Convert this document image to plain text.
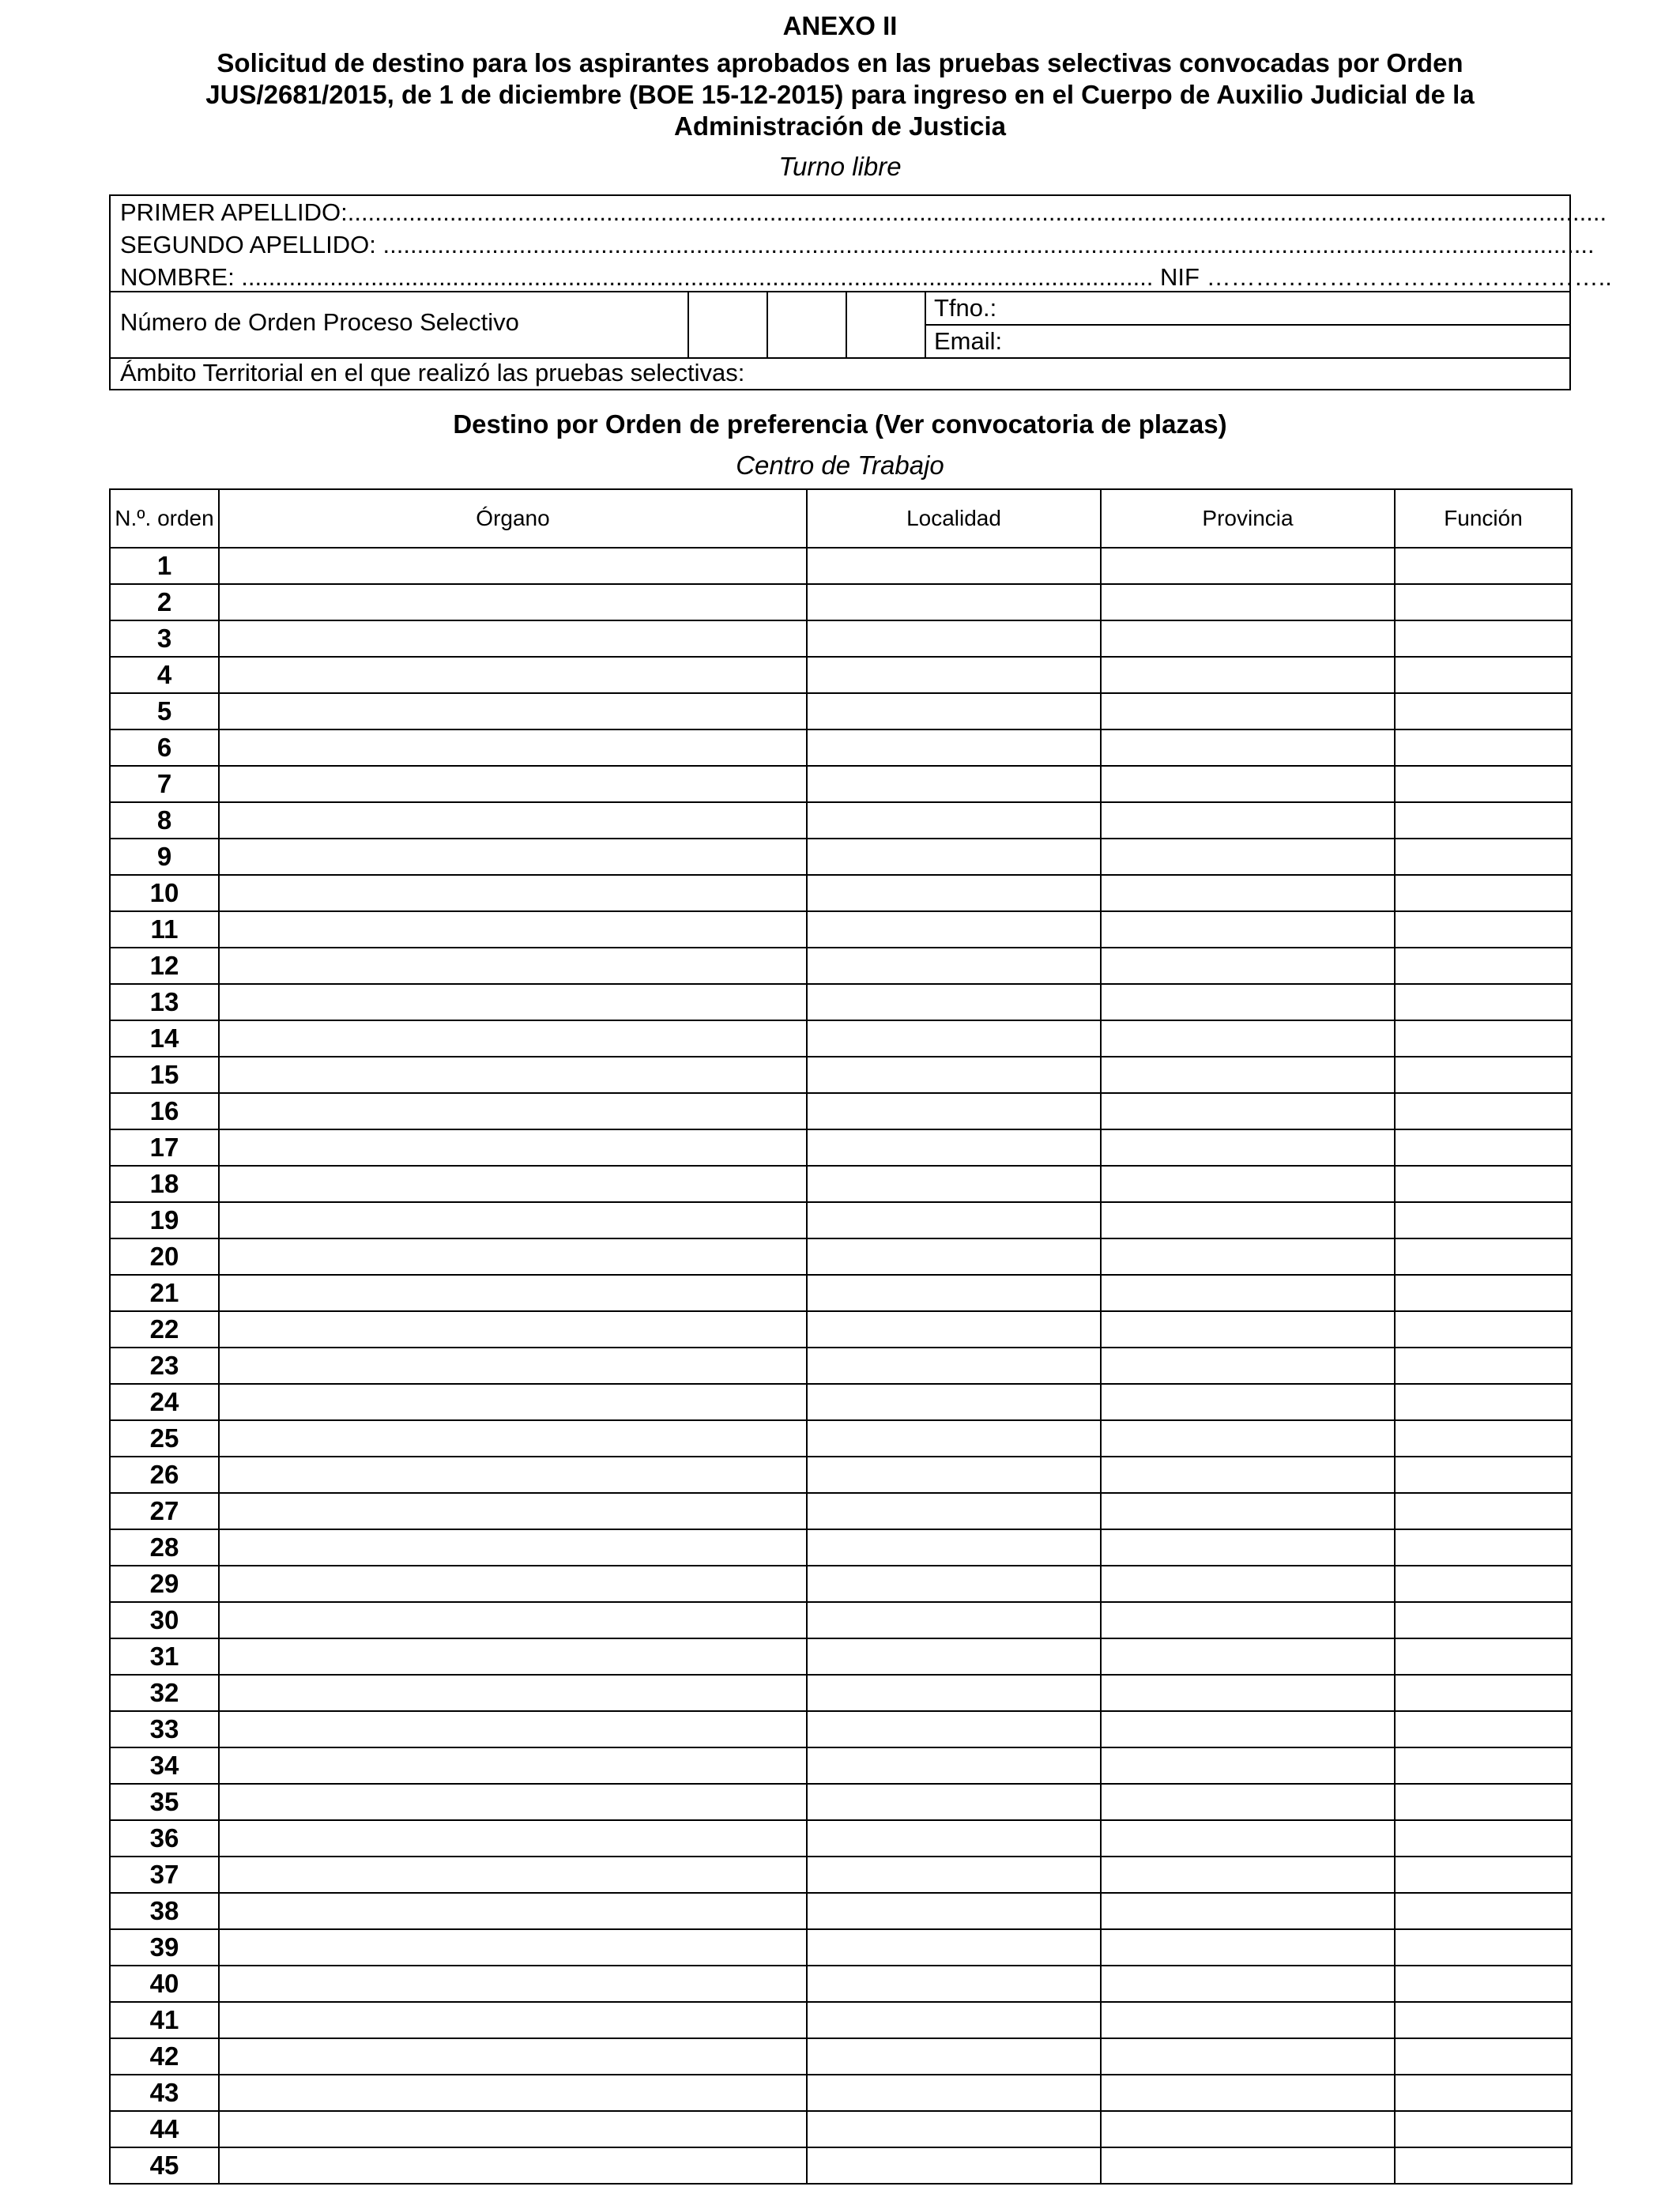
ANEXO II
Solicitud de destino para los aspirantes aprobados en las pruebas selectivas convocadas por Orden JUS/2681/2015, de 1 de diciembre (BOE 15-12-2015) para ingreso en el Cuerpo de Auxilio Judicial de la Administración de Justicia
Turno libre
PRIMER APELLIDO:.........................................................................................................................................................................................
SEGUNDO APELLIDO: ..................................................................................................................................................................................
NOMBRE: ...................................................................................................................................... NIF …………………………………………..
Número de Orden Proceso Selectivo
Tfno.:
Email:
Ámbito Territorial en el que realizó las pruebas selectivas:
Destino por Orden de preferencia (Ver convocatoria de plazas)
Centro de Trabajo
N.º. orden	Órgano	Localidad	Provincia	Función
1				
2				
3				
4				
5				
6				
7				
8				
9				
10				
11				
12				
13				
14				
15				
16				
17				
18				
19				
20				
21				
22				
23				
24				
25				
26				
27				
28				
29				
30				
31				
32				
33				
34				
35				
36				
37				
38				
39				
40				
41				
42				
43				
44				
45				
